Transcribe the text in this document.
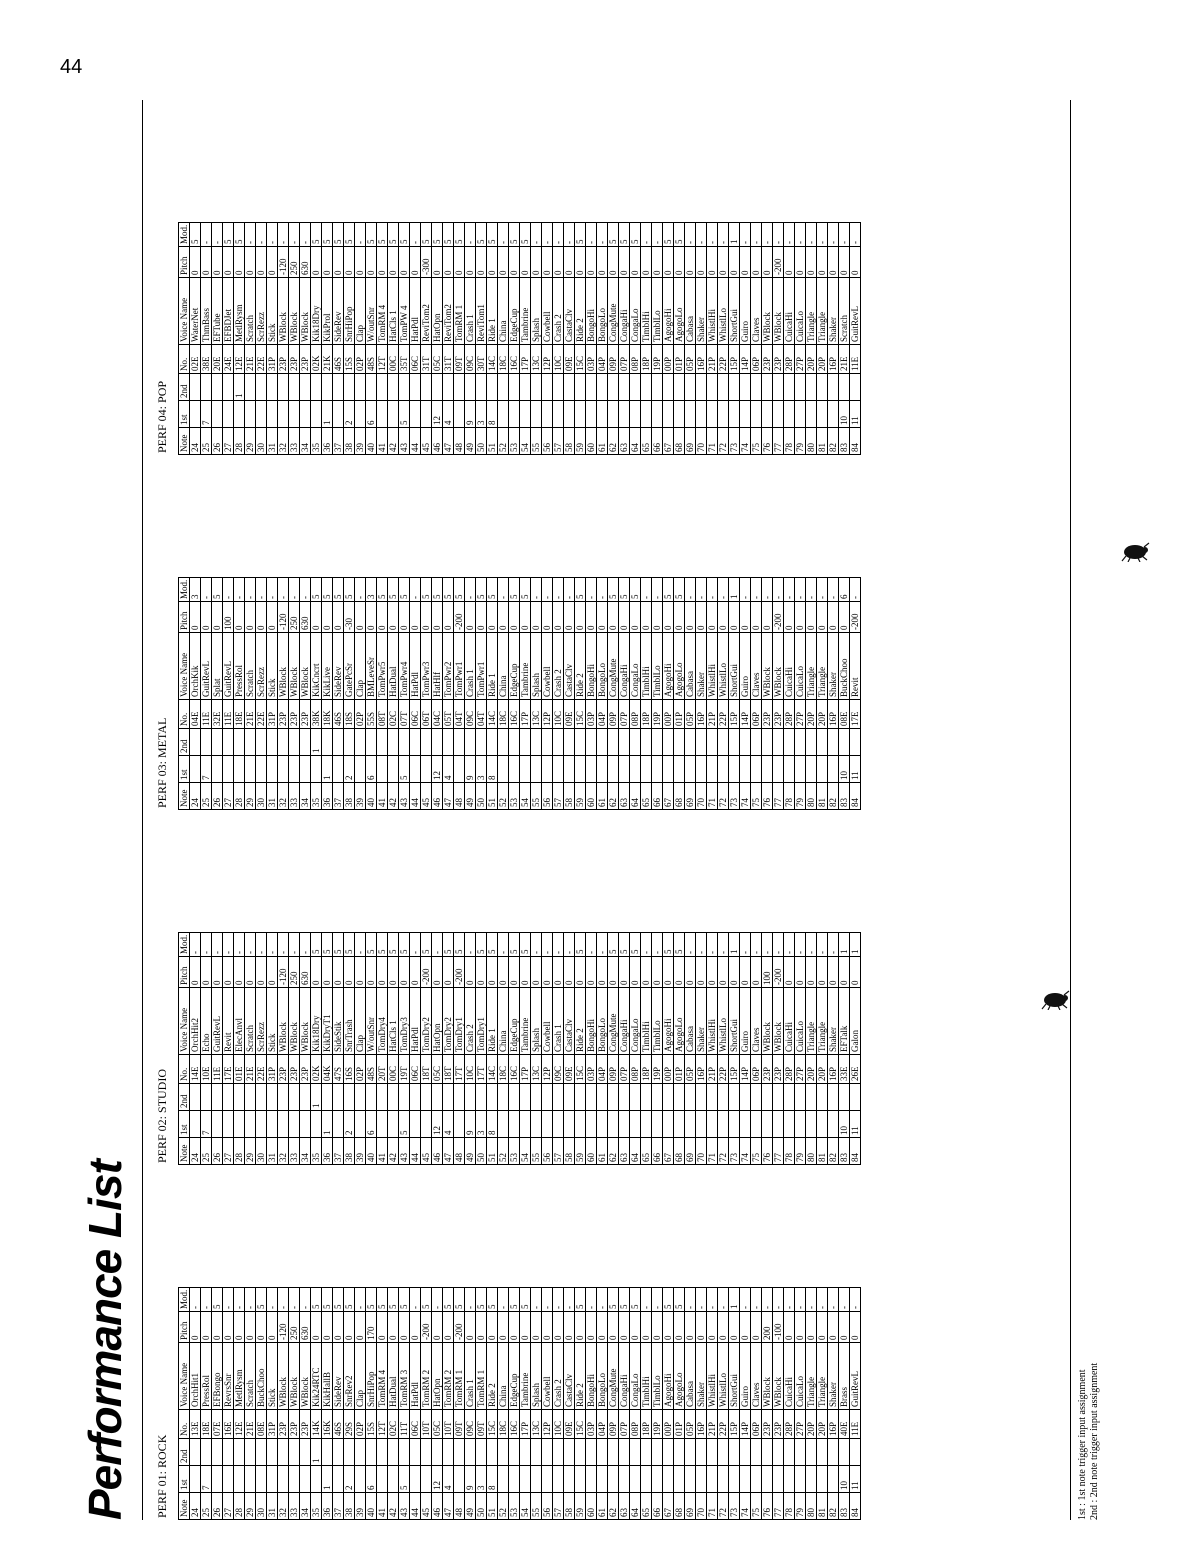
44
Performance List PERF 01: ROCK Note	1st	2nd	No.	Voice Name	Pitch	Mod.
24			13E	OrchHit1	0	-
25	7		18E	PressRol	0	-
26			07E	EFBongo	0	5
27			16E	RevrsSnr	0	-
28			12E	MetlRysm	0	-
29			21E	Scratch	0	-
30			08E	BuckChoo	0	5
31			31P	Stick	0	-
32			23P	WBlock	-120	-
33			23P	WBlock	250	-
34			23P	WBlock	630	-
35		1	14K	Kik24RTC	0	5
36	1		16K	KikHallB	0	5
37			46S	SideRev	0	5
38	2		29S	SnrRev2	0	5
39			02P	Clap	0	-
40	6		15S	SnrHiPop	170	5
41			12T	TomRM 4	0	5
42			02C	HatDual	0	5
43	5		11T	TomRM 3	0	5
44			06C	HatPdl	0	-
45			10T	TomRM 2	-200	5
46	12		05C	HatOpn	0	-
47	4		10T	TomRM 2	0	5
48			09T	TomRM 1	-200	5
49	9		09C	Crash 1	0	-
50	3		09T	TomRM 1	0	5
51	8		15C	Ride 2	0	5
52			18C	China	0	-
53			16C	EdgeCup	0	5
54			17P	Tambrine	0	5
55			13C	Splash	0	-
56			12P	Cowbell	0	-
57			10C	Crash 2	0	-
58			09E	CastaClv	0	-
59			15C	Ride 2	0	5
60			03P	BongoHi	0	-
61			04P	BongoLo	0	-
62			09P	CongMute	0	5
63			07P	CongaHi	0	5
64			08P	CongaLo	0	5
65			18P	TimblHi	0	-
66			19P	TimblLo	0	-
67			00P	AgogoHi	0	5
68			01P	AgogoLo	0	5
69			05P	Cabasa	0	-
70			16P	Shaker	0	-
71			21P	WhistlHi	0	-
72			22P	WhistlLo	0	-
73			15P	ShortGui	0	1
74			14P	Guiro	0	-
75			06P	Claves	0	-
76			23P	WBlock	200	-
77			23P	WBlock	-100	-
78			28P	CuicaHi	0	-
79			27P	CuicaLo	0	-
80			20P	Triangle	0	-
81			20P	Triangle	0	-
82			16P	Shaker	0	-
83	10		40E	Brass	0	-
84	11		11E	GuitRevL	0	-
PERF 02: STUDIO Note	1st	2nd	No.	Voice Name	Pitch	Mod.
24			14E	OrchHit2	0	-
25	7		10E	Echo	0	-
26			11E	GuitRevL	0	-
27			17E	Revit	0	-
28			01E	ElecAnvl	0	-
29			21E	Scratch	0	-
30			22E	ScrRezz	0	-
31			31P	Stick	0	-
32			23P	WBlock	-120	-
33			23P	WBlock	250	-
34			23P	WBlock	630	-
35		1	02K	Kik18Dry	0	5
36	1		04K	KikDryT1	0	5
37			47S	SideStik	0	5
38	2		16S	SnrTrash	0	5
39			02P	Clap	0	-
40	6		48S	W/outSnr	0	5
41			20T	TomDry4	0	5
42			00C	HatCls 1	0	5
43	5		19T	TomDry3	0	5
44			06C	HatPdl	0	-
45			18T	TomDry2	-200	5
46	12		05C	HatOpn	0	-
47	4		18T	TomDry2	0	5
48			17T	TomDry1	-200	5
49	9		10C	Crash 2	0	-
50	3		17T	TomDry1	0	5
51	8		14C	Ride 1	0	5
52			18C	China	0	-
53			16C	EdgeCup	0	5
54			17P	Tambrine	0	5
55			13C	Splash	0	-
56			12P	Cowbell	0	-
57			09C	Crash 1	0	-
58			09E	CastaClv	0	-
59			15C	Ride 2	0	5
60			03P	BongoHi	0	-
61			04P	BongoLo	0	-
62			09P	CongMute	0	5
63			07P	CongaHi	0	5
64			08P	CongaLo	0	5
65			18P	TimblHi	0	-
66			19P	TimblLo	0	-
67			00P	AgogoHi	0	5
68			01P	AgogoLo	0	5
69			05P	Cabasa	0	-
70			16P	Shaker	0	-
71			21P	WhistlHi	0	-
72			22P	WhistlLo	0	-
73			15P	ShortGui	0	1
74			14P	Guiro	0	-
75			06P	Claves	0	-
76			23P	WBlock	100	-
77			23P	WBlock	-200	-
78			28P	CuicaHi	0	-
79			27P	CuicaLo	0	-
80			20P	Triangle	0	-
81			20P	Triangle	0	-
82			16P	Shaker	0	-
83	10		33E	EFTalk	0	1
84	11		26E	Galon	0	1
PERF 03: METAL Note	1st	2nd	No.	Voice Name	Pitch	Mod.
24			04E	OrchKik	0	3
25	7		11E	GuitRevL	0	-
26			32E	Splat	0	5
27			11E	GuitRevL	100	-
28			18E	PressRol	0	-
29			21E	Scratch	0	-
30			22E	ScrRezz	0	-
31			31P	Stick	0	-
32			23P	WBlock	-120	-
33			23P	WBlock	250	-
34			23P	WBlock	630	-
35		1	38K	KikCncrt	0	5
36	1		18K	KikLive	0	5
37			46S	SideRev	0	5
38	2		18S	GatePcSr	-30	5
39			02P	Clap	0	-
40	6		55S	BMLeveSr	0	3
41			08T	TomPwr5	0	5
42			02C	HatDual	0	5
43	5		07T	TomPwr4	0	5
44			06C	HatPdl	0	-
45			06T	TomPwr3	0	5
46	12		04C	HatHlf	0	5
47	4		05T	TomPwr2	0	5
48			04T	TomPwr1	-200	5
49	9		09C	Crash 1	0	-
50	3		04T	TomPwr1	0	5
51	8		14C	Ride 1	0	5
52			18C	China	0	-
53			16C	EdgeCup	0	5
54			17P	Tambrine	0	5
55			13C	Splash	0	-
56			12P	Cowbell	0	-
57			10C	Crash 2	0	-
58			09E	CastaClv	0	-
59			15C	Ride 2	0	5
60			03P	BongoHi	0	-
61			04P	BongoLo	0	-
62			09P	CongMute	0	5
63			07P	CongaHi	0	5
64			08P	CongaLo	0	5
65			18P	TimblHi	0	-
66			19P	TimblLo	0	-
67			00P	AgogoHi	0	5
68			01P	AgogoLo	0	5
69			05P	Cabasa	0	-
70			16P	Shaker	0	-
71			21P	WhistlHi	0	-
72			22P	WhistlLo	0	-
73			15P	ShortGui	0	1
74			14P	Guiro	0	-
75			06P	Claves	0	-
76			23P	WBlock	0	-
77			23P	WBlock	-200	-
78			28P	CuicaHi	0	-
79			27P	CuicaLo	0	-
80			20P	Triangle	0	-
81			20P	Triangle	0	-
82			16P	Shaker	0	-
83	10		08E	BuckChoo	0	6
84	11		17E	Revit	-200	-
PERF 04: POP Note	1st	2nd	No.	Voice Name	Pitch	Mod.
24			02E	WaterNet	0	5
25	7		38E	ThmBass	0	-
26			20E	EFTube	0	-
27			24E	EFBDJet	0	5
28		1	12E	MetlRysm	0	5
29			21E	Scratch	0	-
30			22E	ScrRezz	0	-
31			31P	Stick	0	-
32			23P	WBlock	-120	-
33			23P	WBlock	250	-
34			23P	WBlock	630	-
35			02K	Kik18Dry	0	5
36	1		21K	KikProl	0	5
37			46S	SideRev	0	5
38	2		15S	SnrHiPop	0	5
39			02P	Clap	0	-
40	6		48S	W/outSnr	0	5
41			12T	TomRM 4	0	5
42			00C	HatCls 1	0	5
43	5		35T	TomPW 4	0	5
44			06C	HatPdl	0	-
45			31T	ReviTom2	-300	5
46	12		05C	HatOpn	0	5
47	4		31T	ReviTom2	0	5
48			09T	TomRM 1	0	5
49	9		09C	Crash 1	0	-
50	3		30T	ReviTom1	0	5
51	8		14C	Ride 1	0	5
52			18C	China	0	-
53			16C	EdgeCup	0	5
54			17P	Tambrine	0	5
55			13C	Splash	0	-
56			12P	Cowbell	0	-
57			10C	Crash 2	0	-
58			09E	CastaClv	0	-
59			15C	Ride 2	0	5
60			03P	BongoHi	0	-
61			04P	BongoLo	0	-
62			09P	CongMute	0	5
63			07P	CongaHi	0	5
64			08P	CongaLo	0	5
65			18P	TimblHi	0	-
66			19P	TimblLo	0	-
67			00P	AgogoHi	0	5
68			01P	AgogoLo	0	5
69			05P	Cabasa	0	-
70			16P	Shaker	0	-
71			21P	WhistlHi	0	-
72			22P	WhistlLo	0	-
73			15P	ShortGui	0	1
74			14P	Guiro	0	-
75			06P	Claves	0	-
76			23P	WBlock	0	-
77			23P	WBlock	-200	-
78			28P	CuicaHi	0	-
79			27P	CuicaLo	0	-
80			20P	Triangle	0	-
81			20P	Triangle	0	-
82			16P	Shaker	0	-
83	10		21E	Scratch	0	-
84	11		11E	GuitRevL	0	-
1st : 1st note trigger input assignment 2nd : 2nd note trigger input assignment
